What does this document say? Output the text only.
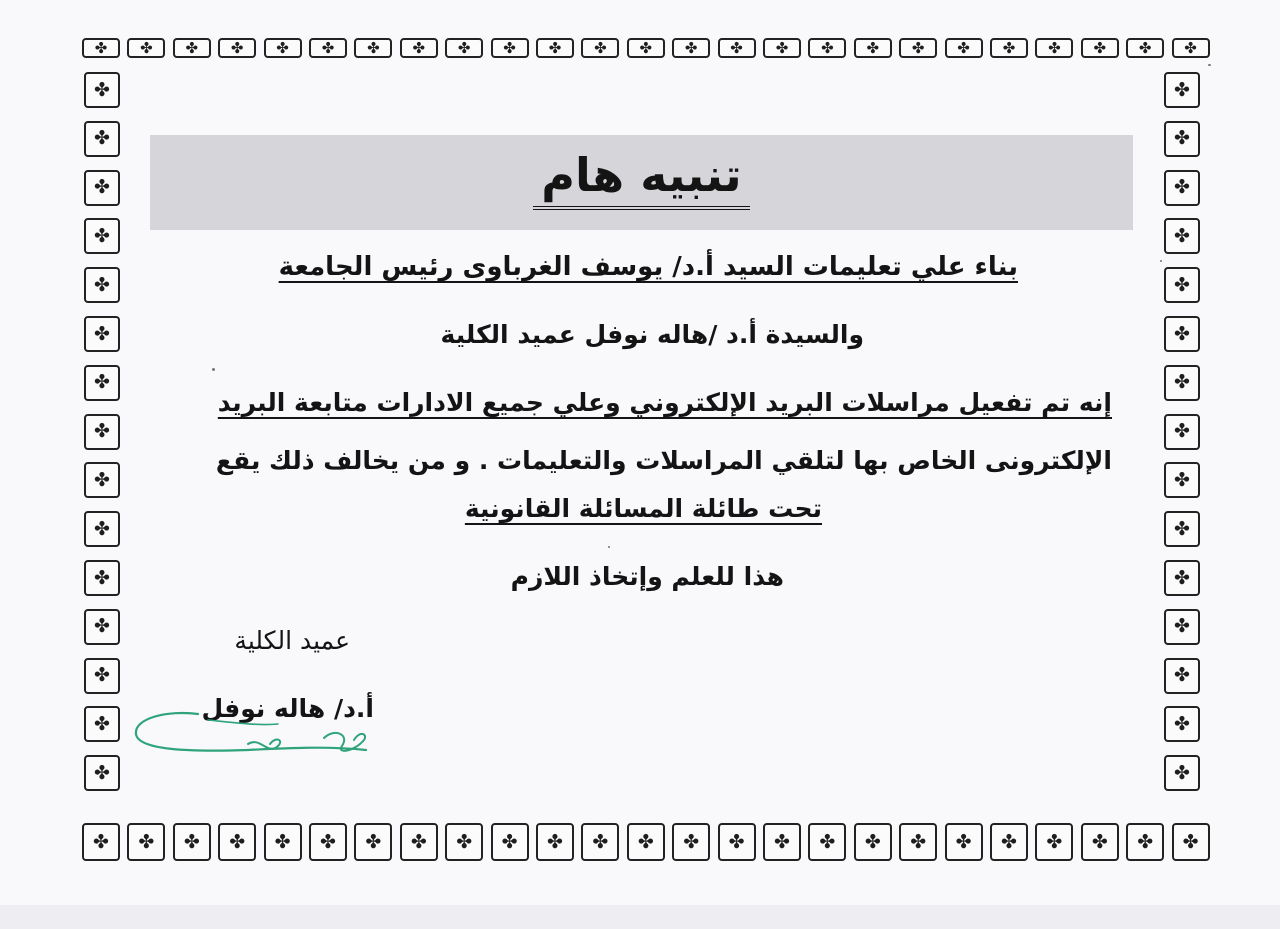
✤ ✤ ✤ ✤ ✤ ✤ ✤ ✤ ✤ ✤ ✤ ✤ ✤ ✤ ✤ ✤ ✤ ✤ ✤ ✤ ✤ ✤ ✤ ✤ ✤
✤ ✤ ✤ ✤ ✤ ✤ ✤ ✤ ✤ ✤ ✤ ✤ ✤ ✤ ✤ ✤ ✤ ✤ ✤ ✤ ✤ ✤ ✤ ✤ ✤
✤	✤
✤	✤
✤	✤
✤	✤
✤	✤
✤	✤
✤	✤
✤	✤
✤	✤
✤	✤
✤	✤
✤	✤
✤	✤
✤	✤
✤	✤
تنبيه هام
بناء علي تعليمات السيد أ.د/ يوسف الغرباوى رئيس الجامعة
والسيدة أ.د /هاله نوفل عميد الكلية
إنه تم تفعيل مراسلات البريد الإلكتروني وعلي جميع الادارات متابعة البريد
الإلكترونى الخاص بها لتلقي المراسلات والتعليمات . و من يخالف ذلك يقع
تحت طائلة المسائلة القانونية
هذا للعلم وإتخاذ اللازم
عميد الكلية
أ.د/ هاله نوفل
